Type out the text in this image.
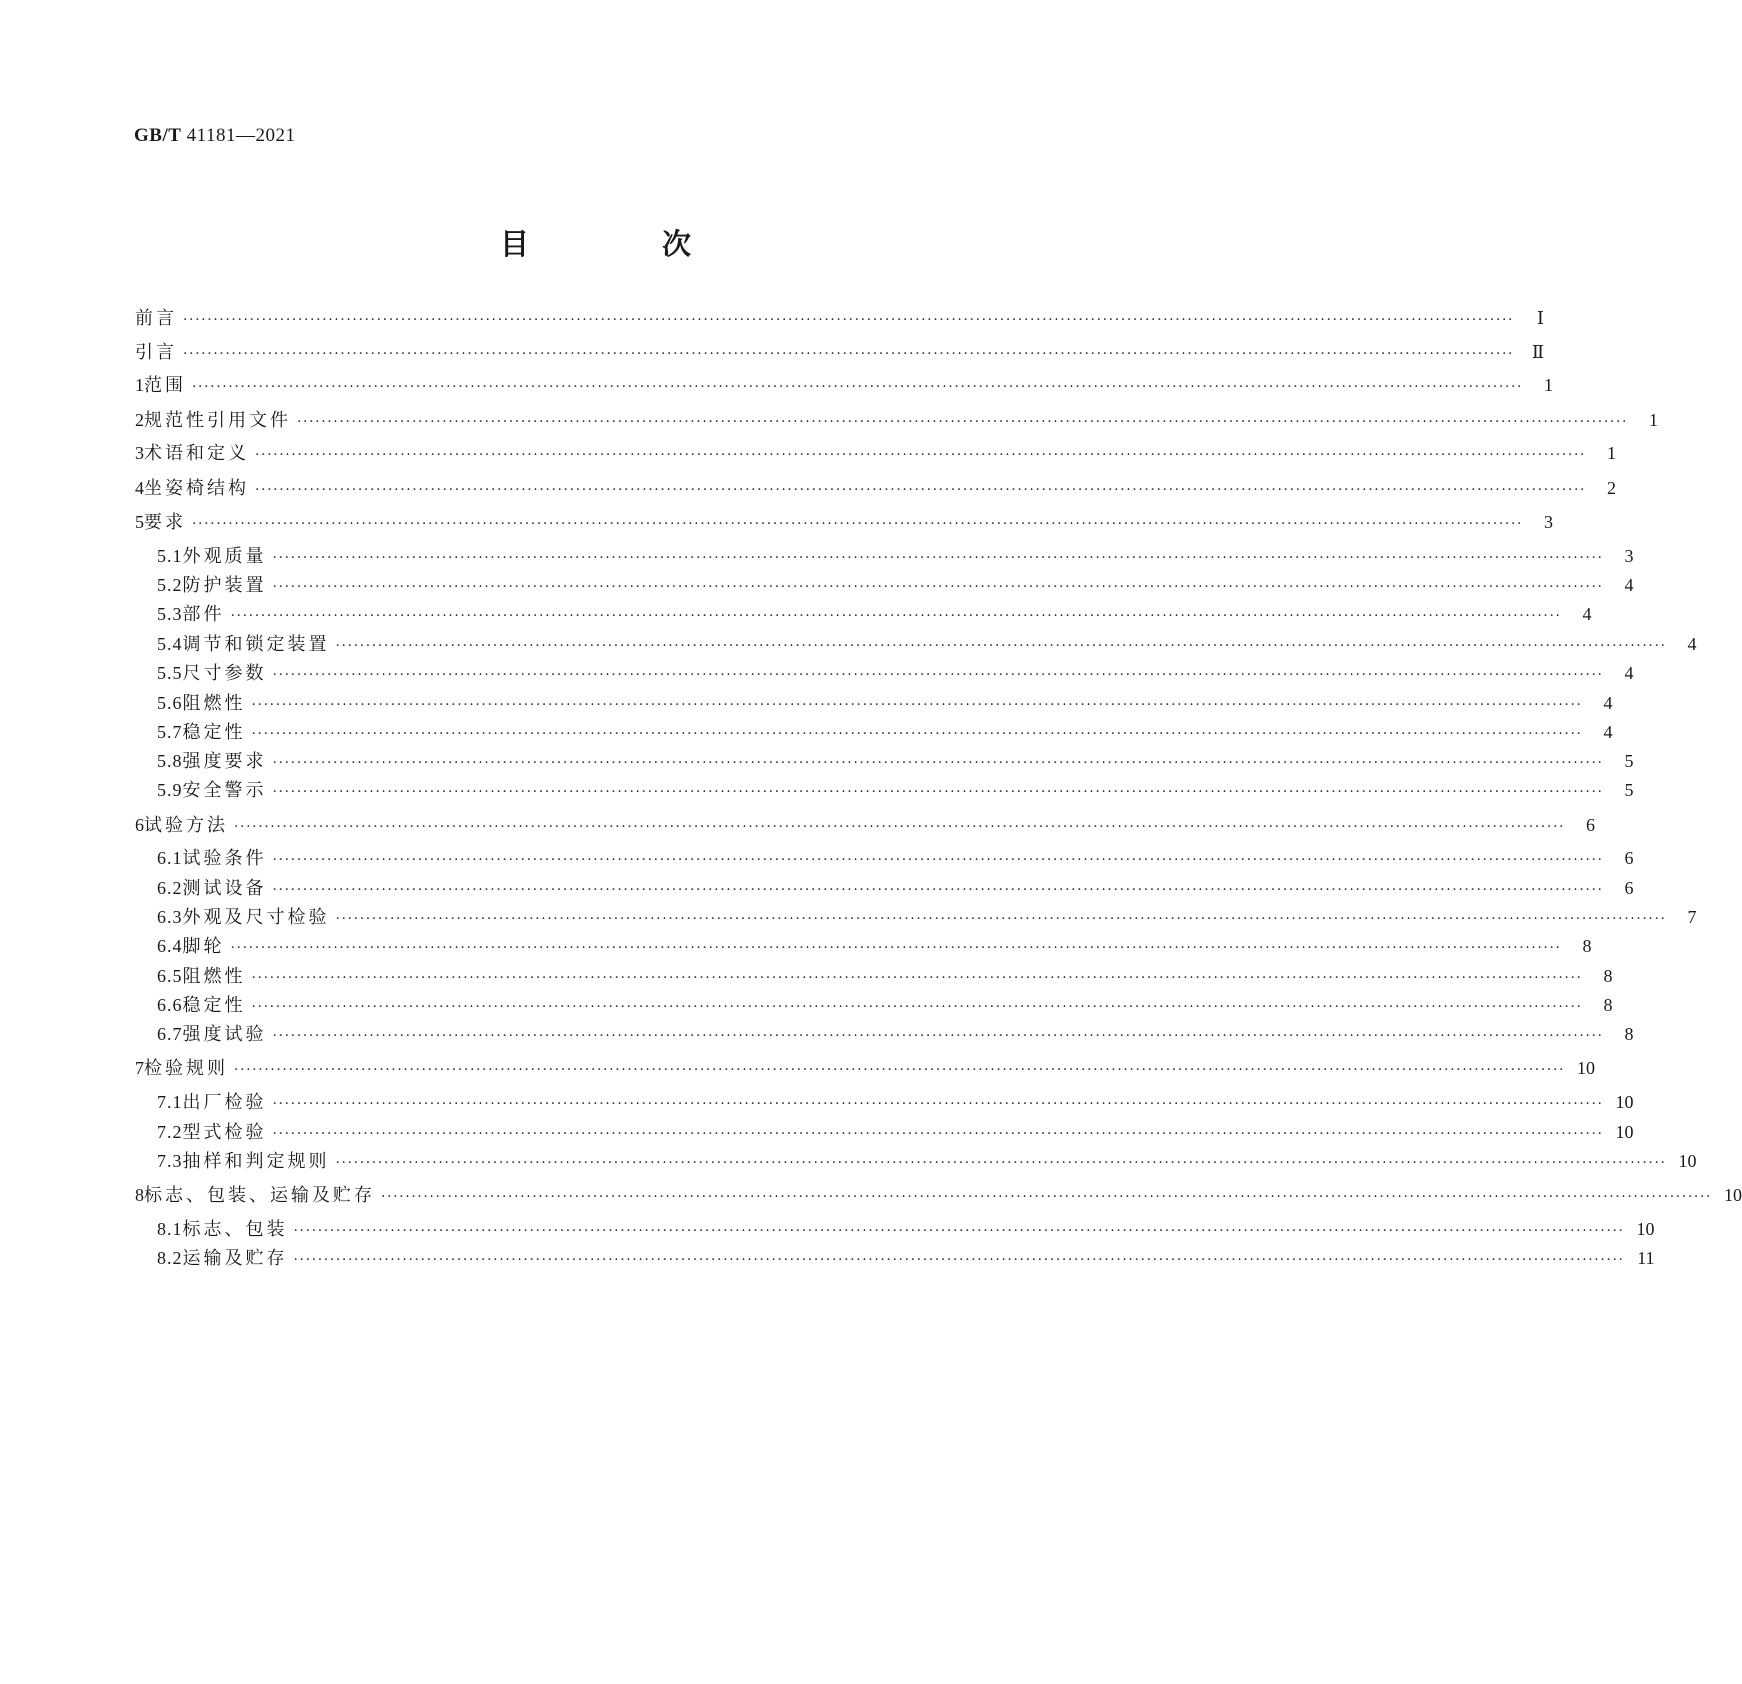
GB/T 41181—2021
目　次
前言 ····························································································································································································································	Ⅰ
引言 ···························································································································································································································· Ⅱ
1 范围 ····························································································································································································································	1
2 规范性引用文件 ····························································································································································································································	1
3 术语和定义 ····························································································································································································································	1
4 坐姿椅结构 ····························································································································································································································	2
5 要求 ····························································································································································································································	3
5.1 外观质量 ····························································································································································································································	3
5.2 防护装置 ····························································································································································································································	4
5.3 部件 ····························································································································································································································	4
5.4 调节和锁定装置 ····························································································································································································································	4
5.5 尺寸参数 ····························································································································································································································	4
5.6 阻燃性 ····························································································································································································································	4
5.7 稳定性 ····························································································································································································································	4
5.8 强度要求 ····························································································································································································································	5
5.9 安全警示 ····························································································································································································································	5
6 试验方法 ····························································································································································································································	6
6.1 试验条件 ····························································································································································································································	6
6.2 测试设备 ····························································································································································································································	6
6.3 外观及尺寸检验 ····························································································································································································································	7
6.4 脚轮 ····························································································································································································································	8
6.5 阻燃性 ····························································································································································································································	8
6.6 稳定性 ····························································································································································································································	8
6.7 强度试验 ····························································································································································································································	8
7 检验规则 ···························································································································································································································· 10
7.1 出厂检验 ···························································································································································································································· 10
7.2 型式检验 ···························································································································································································································· 10
7.3 抽样和判定规则 ···························································································································································································································· 10
8 标志、包装、运输及贮存 ···························································································································································································································· 10
8.1 标志、包装 ···························································································································································································································· 10
8.2 运输及贮存 ···························································································································································································································· 11
